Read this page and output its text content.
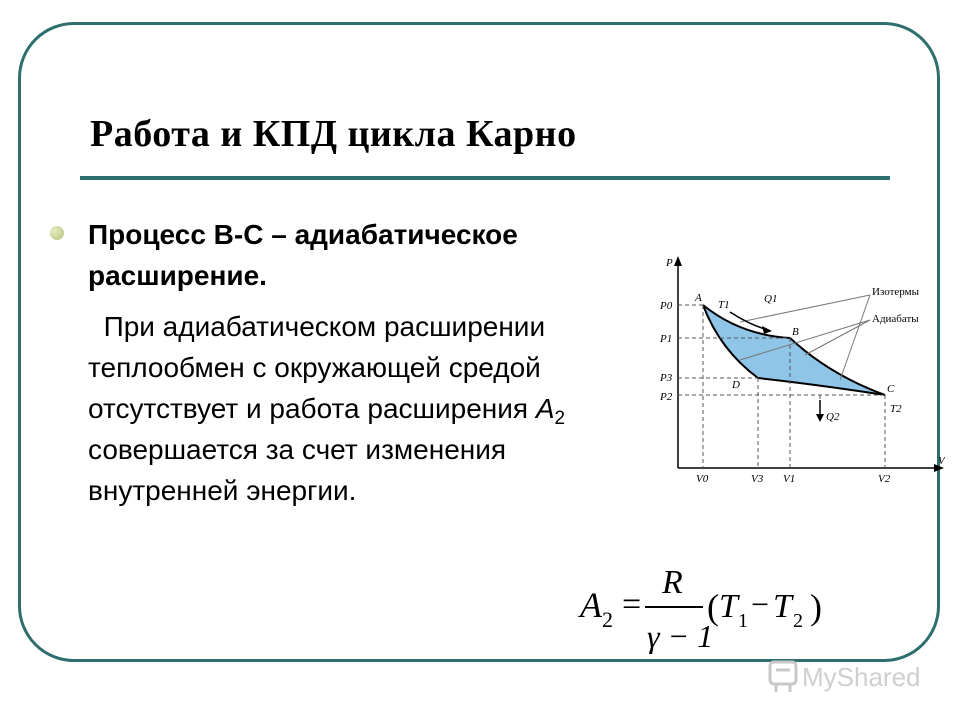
Работа и КПД цикла Карно
Процесс В-С – адиабатическое расширение.
При адиабатическом расширении теплообмен с окружающей средой отсутствует и работа расширения $A_2$ совершается за счет изменения внутренней энергии.
P
V
P0
P1
P3
P2
V0	V3 V1	V2
A
B
C
D
T1
T2
Q1
Q2
Изотермы
Адиабаты
A 2 =
R
γ − 1
( T 1 − T 2 )
MyShared
